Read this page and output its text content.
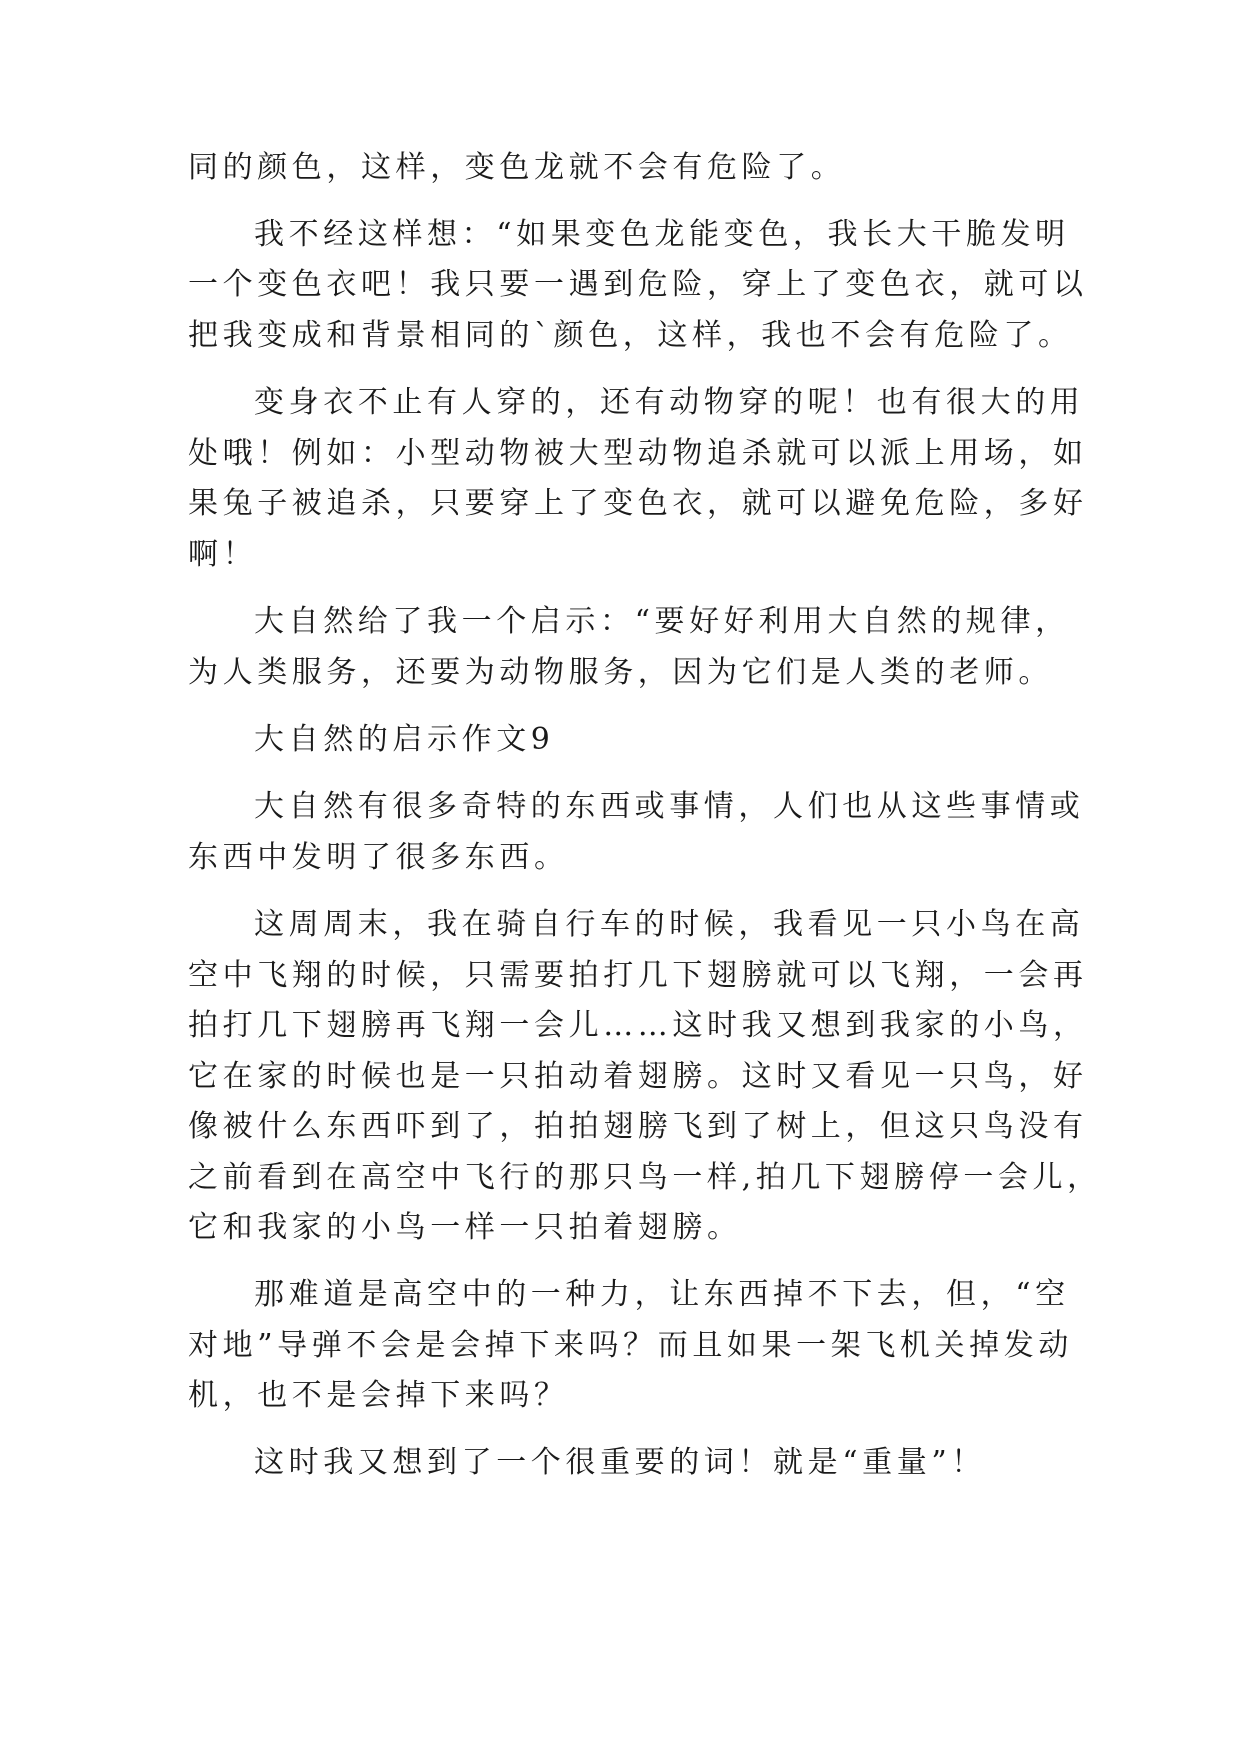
同的颜色，这样，变色龙就不会有危险了。
我不经这样想：“如果变色龙能变色，我长大干脆发明
一个变色衣吧！我只要一遇到危险，穿上了变色衣，就可以
把我变成和背景相同的`颜色，这样，我也不会有危险了。
变身衣不止有人穿的，还有动物穿的呢！也有很大的用
处哦！例如：小型动物被大型动物追杀就可以派上用场，如
果兔子被追杀，只要穿上了变色衣，就可以避免危险，多好
啊！
大自然给了我一个启示：“要好好利用大自然的规律，
为人类服务，还要为动物服务，因为它们是人类的老师。
大自然的启示作文9
大自然有很多奇特的东西或事情，人们也从这些事情或
东西中发明了很多东西。
这周周末，我在骑自行车的时候，我看见一只小鸟在高
空中飞翔的时候，只需要拍打几下翅膀就可以飞翔，一会再
拍打几下翅膀再飞翔一会儿……这时我又想到我家的小鸟，
它在家的时候也是一只拍动着翅膀。这时又看见一只鸟，好
像被什么东西吓到了，拍拍翅膀飞到了树上，但这只鸟没有
之前看到在高空中飞行的那只鸟一样,拍几下翅膀停一会儿，
它和我家的小鸟一样一只拍着翅膀。
那难道是高空中的一种力，让东西掉不下去，但，“空
对地”导弹不会是会掉下来吗？而且如果一架飞机关掉发动
机，也不是会掉下来吗？
这时我又想到了一个很重要的词！就是“重量”！
